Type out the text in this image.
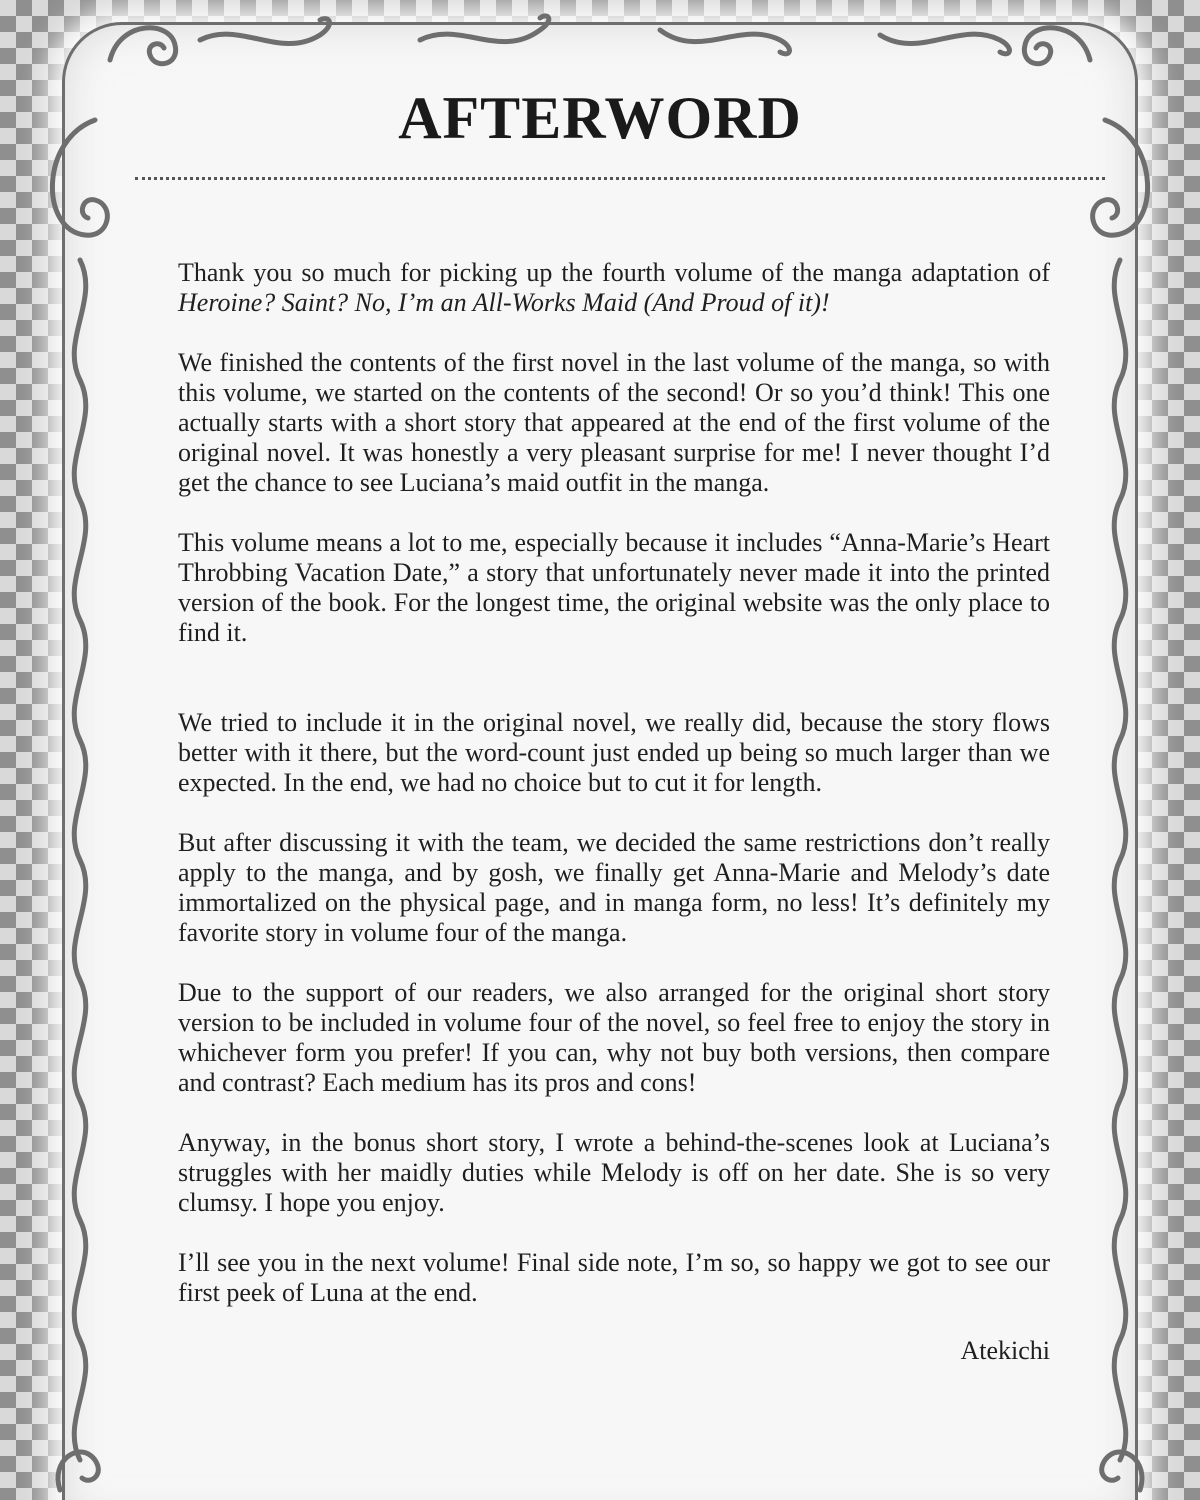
AFTERWORD

Thank you so much for picking up the fourth volume of the manga adaptation of Heroine? Saint? No, I’m an All-Works Maid (And Proud of it)!

We finished the contents of the first novel in the last volume of the manga, so with this volume, we started on the contents of the second! Or so you’d think! This one actually starts with a short story that appeared at the end of the first volume of the original novel. It was honestly a very pleasant surprise for me! I never thought I’d get the chance to see Luciana’s maid outfit in the manga.

This volume means a lot to me, especially because it includes “Anna-Marie’s Heart Throbbing Vacation Date,” a story that unfortunately never made it into the printed version of the book. For the longest time, the original website was the only place to find it.

We tried to include it in the original novel, we really did, because the story flows better with it there, but the word-count just ended up being so much larger than we expected. In the end, we had no choice but to cut it for length.

But after discussing it with the team, we decided the same restrictions don’t really apply to the manga, and by gosh, we finally get Anna-Marie and Melody’s date immortalized on the physical page, and in manga form, no less! It’s definitely my favorite story in volume four of the manga.

Due to the support of our readers, we also arranged for the original short story version to be included in volume four of the novel, so feel free to enjoy the story in whichever form you prefer! If you can, why not buy both versions, then compare and contrast? Each medium has its pros and cons!

Anyway, in the bonus short story, I wrote a behind-the-scenes look at Luciana’s struggles with her maidly duties while Melody is off on her date. She is so very clumsy. I hope you enjoy.

I’ll see you in the next volume! Final side note, I’m so, so happy we got to see our first peek of Luna at the end.

Atekichi
